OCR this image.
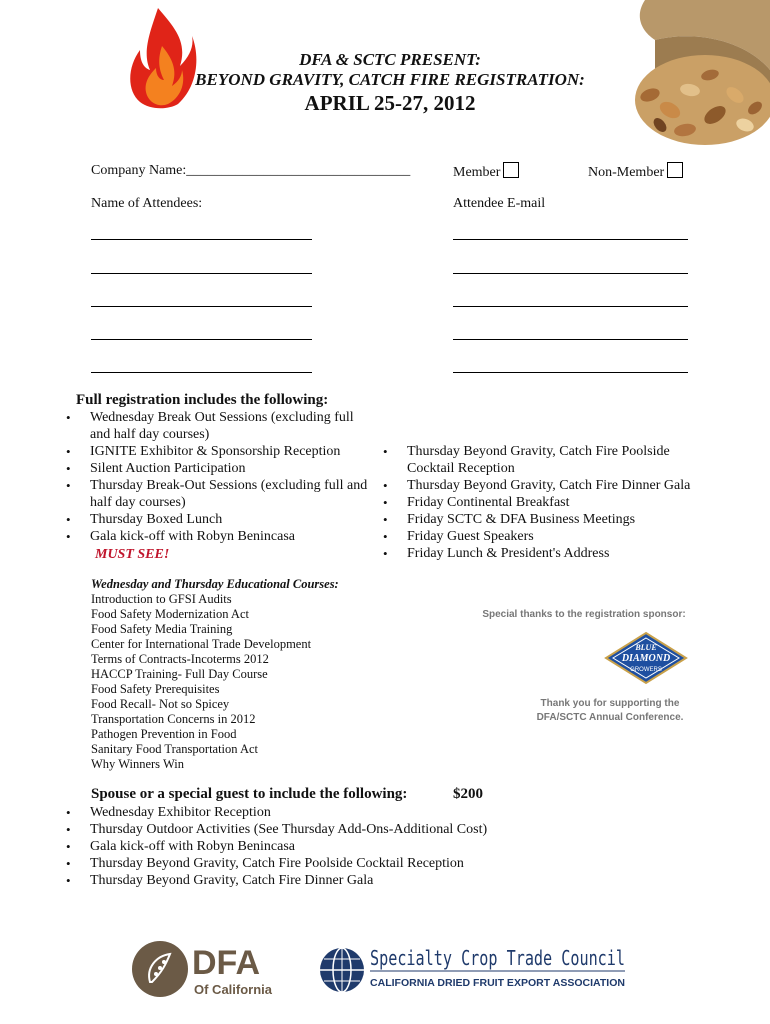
DFA & SCTC PRESENT:
BEYOND GRAVITY, CATCH FIRE REGISTRATION:
APRIL 25-27, 2012
Company Name:________________________________	Member	Non-Member
Name of Attendees:	Attendee E-mail
Full registration includes the following:
• Wednesday Break Out Sessions (excluding full and half day courses)
• IGNITE Exhibitor & Sponsorship Reception
• Silent Auction Participation
• Thursday Break-Out Sessions (excluding full and half day courses)
• Thursday Boxed Lunch
• Gala kick-off with Robyn Benincasa
MUST SEE!
• Thursday Beyond Gravity, Catch Fire Poolside Cocktail Reception
• Thursday Beyond Gravity, Catch Fire Dinner Gala
• Friday Continental Breakfast
• Friday SCTC & DFA Business Meetings
• Friday Guest Speakers
• Friday Lunch & President's Address
Wednesday and Thursday Educational Courses:
Introduction to GFSI Audits
Food Safety Modernization Act
Food Safety Media Training
Center for International Trade Development
Terms of Contracts-Incoterms 2012
HACCP Training- Full Day Course
Food Safety Prerequisites
Food Recall- Not so Spicey
Transportation Concerns in 2012
Pathogen Prevention in Food
Sanitary Food Transportation Act
Why Winners Win
Special thanks to the registration sponsor:
BLUE
DIAMOND
GROWERS
Thank you for supporting the
DFA/SCTC Annual Conference.
Spouse or a special guest to include the following:	$200
• Wednesday Exhibitor Reception
• Thursday Outdoor Activities (See Thursday Add-Ons-Additional Cost)
• Gala kick-off with Robyn Benincasa
• Thursday Beyond Gravity, Catch Fire Poolside Cocktail Reception
• Thursday Beyond Gravity, Catch Fire Dinner Gala
DFA
Of California
Specialty Crop Trade Council
CALIFORNIA DRIED FRUIT EXPORT ASSOCIATION
